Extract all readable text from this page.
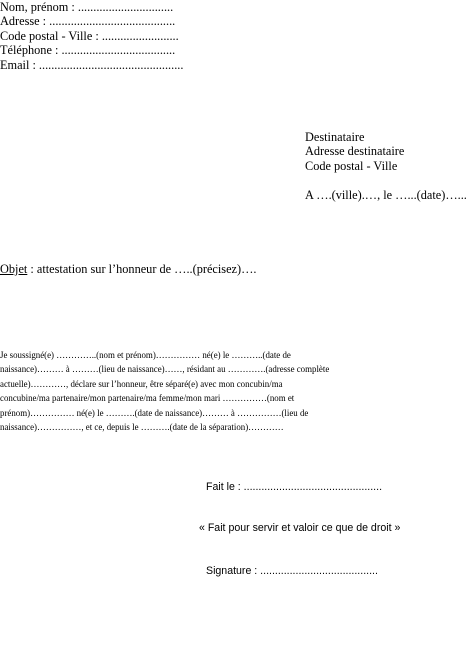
Nom, prénom : ...............................
Adresse : .........................................
Code postal - Ville : .........................
Téléphone : .....................................
Email : ...............................................
Destinataire
Adresse destinataire
Code postal - Ville
A ….(ville).…, le …...(date)…...
Objet : attestation sur l’honneur de …..(précisez)….
Je soussigné(e) …………..(nom et prénom)…………… né(e) le ………..(date de
naissance)……… à ………(lieu de naissance)……, résidant au ………….(adresse complète
actuelle)…………, déclare sur l’honneur, être séparé(e) avec mon concubin/ma
concubine/ma partenaire/mon partenaire/ma femme/mon mari ……………(nom et
prénom)…………… né(e) le ……….(date de naissance)……… à ……………(lieu de
naissance)……………, et ce, depuis le ……….(date de la séparation)…………
Fait le : ...............................................
« Fait pour servir et valoir ce que de droit »
Signature : ........................................
